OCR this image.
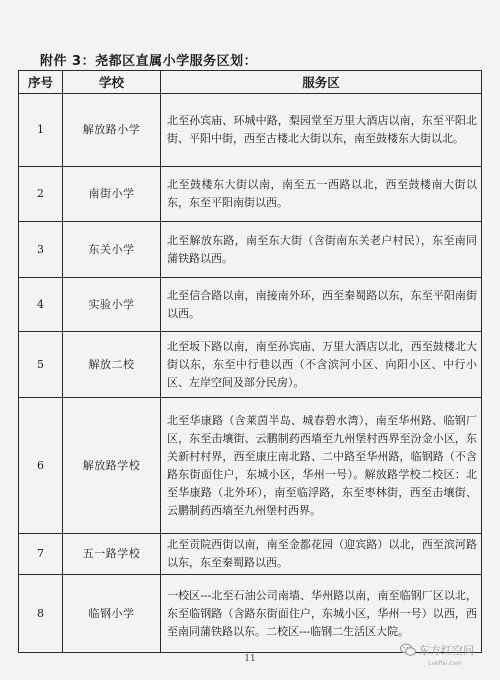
附件 3：尧都区直属小学服务区划：
序号	学校	服务区
1	解放路小学	北至孙宾庙、环城中路，梨园堂至万里大酒店以南，东至平阳北街、平阳中街，西至古楼北大街以东，南至鼓楼东大街以北。
2	南街小学	北至鼓楼东大街以南，南至五一西路以北，西至鼓楼南大街以东，东至平阳南街以西。
3	东关小学	北至解放东路，南至东大街（含街南东关老户村民），东至南同蒲铁路以西。
4	实验小学	北至信合路以南，南接南外环，西至秦蜀路以东，东至平阳南街以西。
5	解放二校	北至坂下路以南，南至孙宾庙、万里大酒店以北，西至鼓楼北大街以东，东至中行巷以西（不含滨河小区、向阳小区、中行小区、左岸空间及部分民房）。
6	解放路学校	北至华康路（含莱茵半岛、城春碧水湾），南至华州路、临钢厂区，东至击壤街、云鹏制药西墙至九州堡村西界至汾金小区，东关新村村界，西至康庄南北路、二中路至华州路，临钢路（不含路东街面住户，东城小区，华州一号）。解放路学校二校区：北至华康路（北外环），南至临浮路，东至枣林街，西至击壤街、云鹏制药西墙至九州堡村西界。
7	五一路学校	北至贡院西街以南，南至金都花园（迎宾路）以北，西至滨河路以东，东至秦蜀路以西。
8	临钢小学	一校区---北至石油公司南墙、华州路以南，南至临钢厂区以北，东至临钢路（含路东街面住户，东城小区，华州一号）以西，西至南同蒲铁路以东。二校区---临钢二生活区大院。
11
东方红空间
LvePai.com
